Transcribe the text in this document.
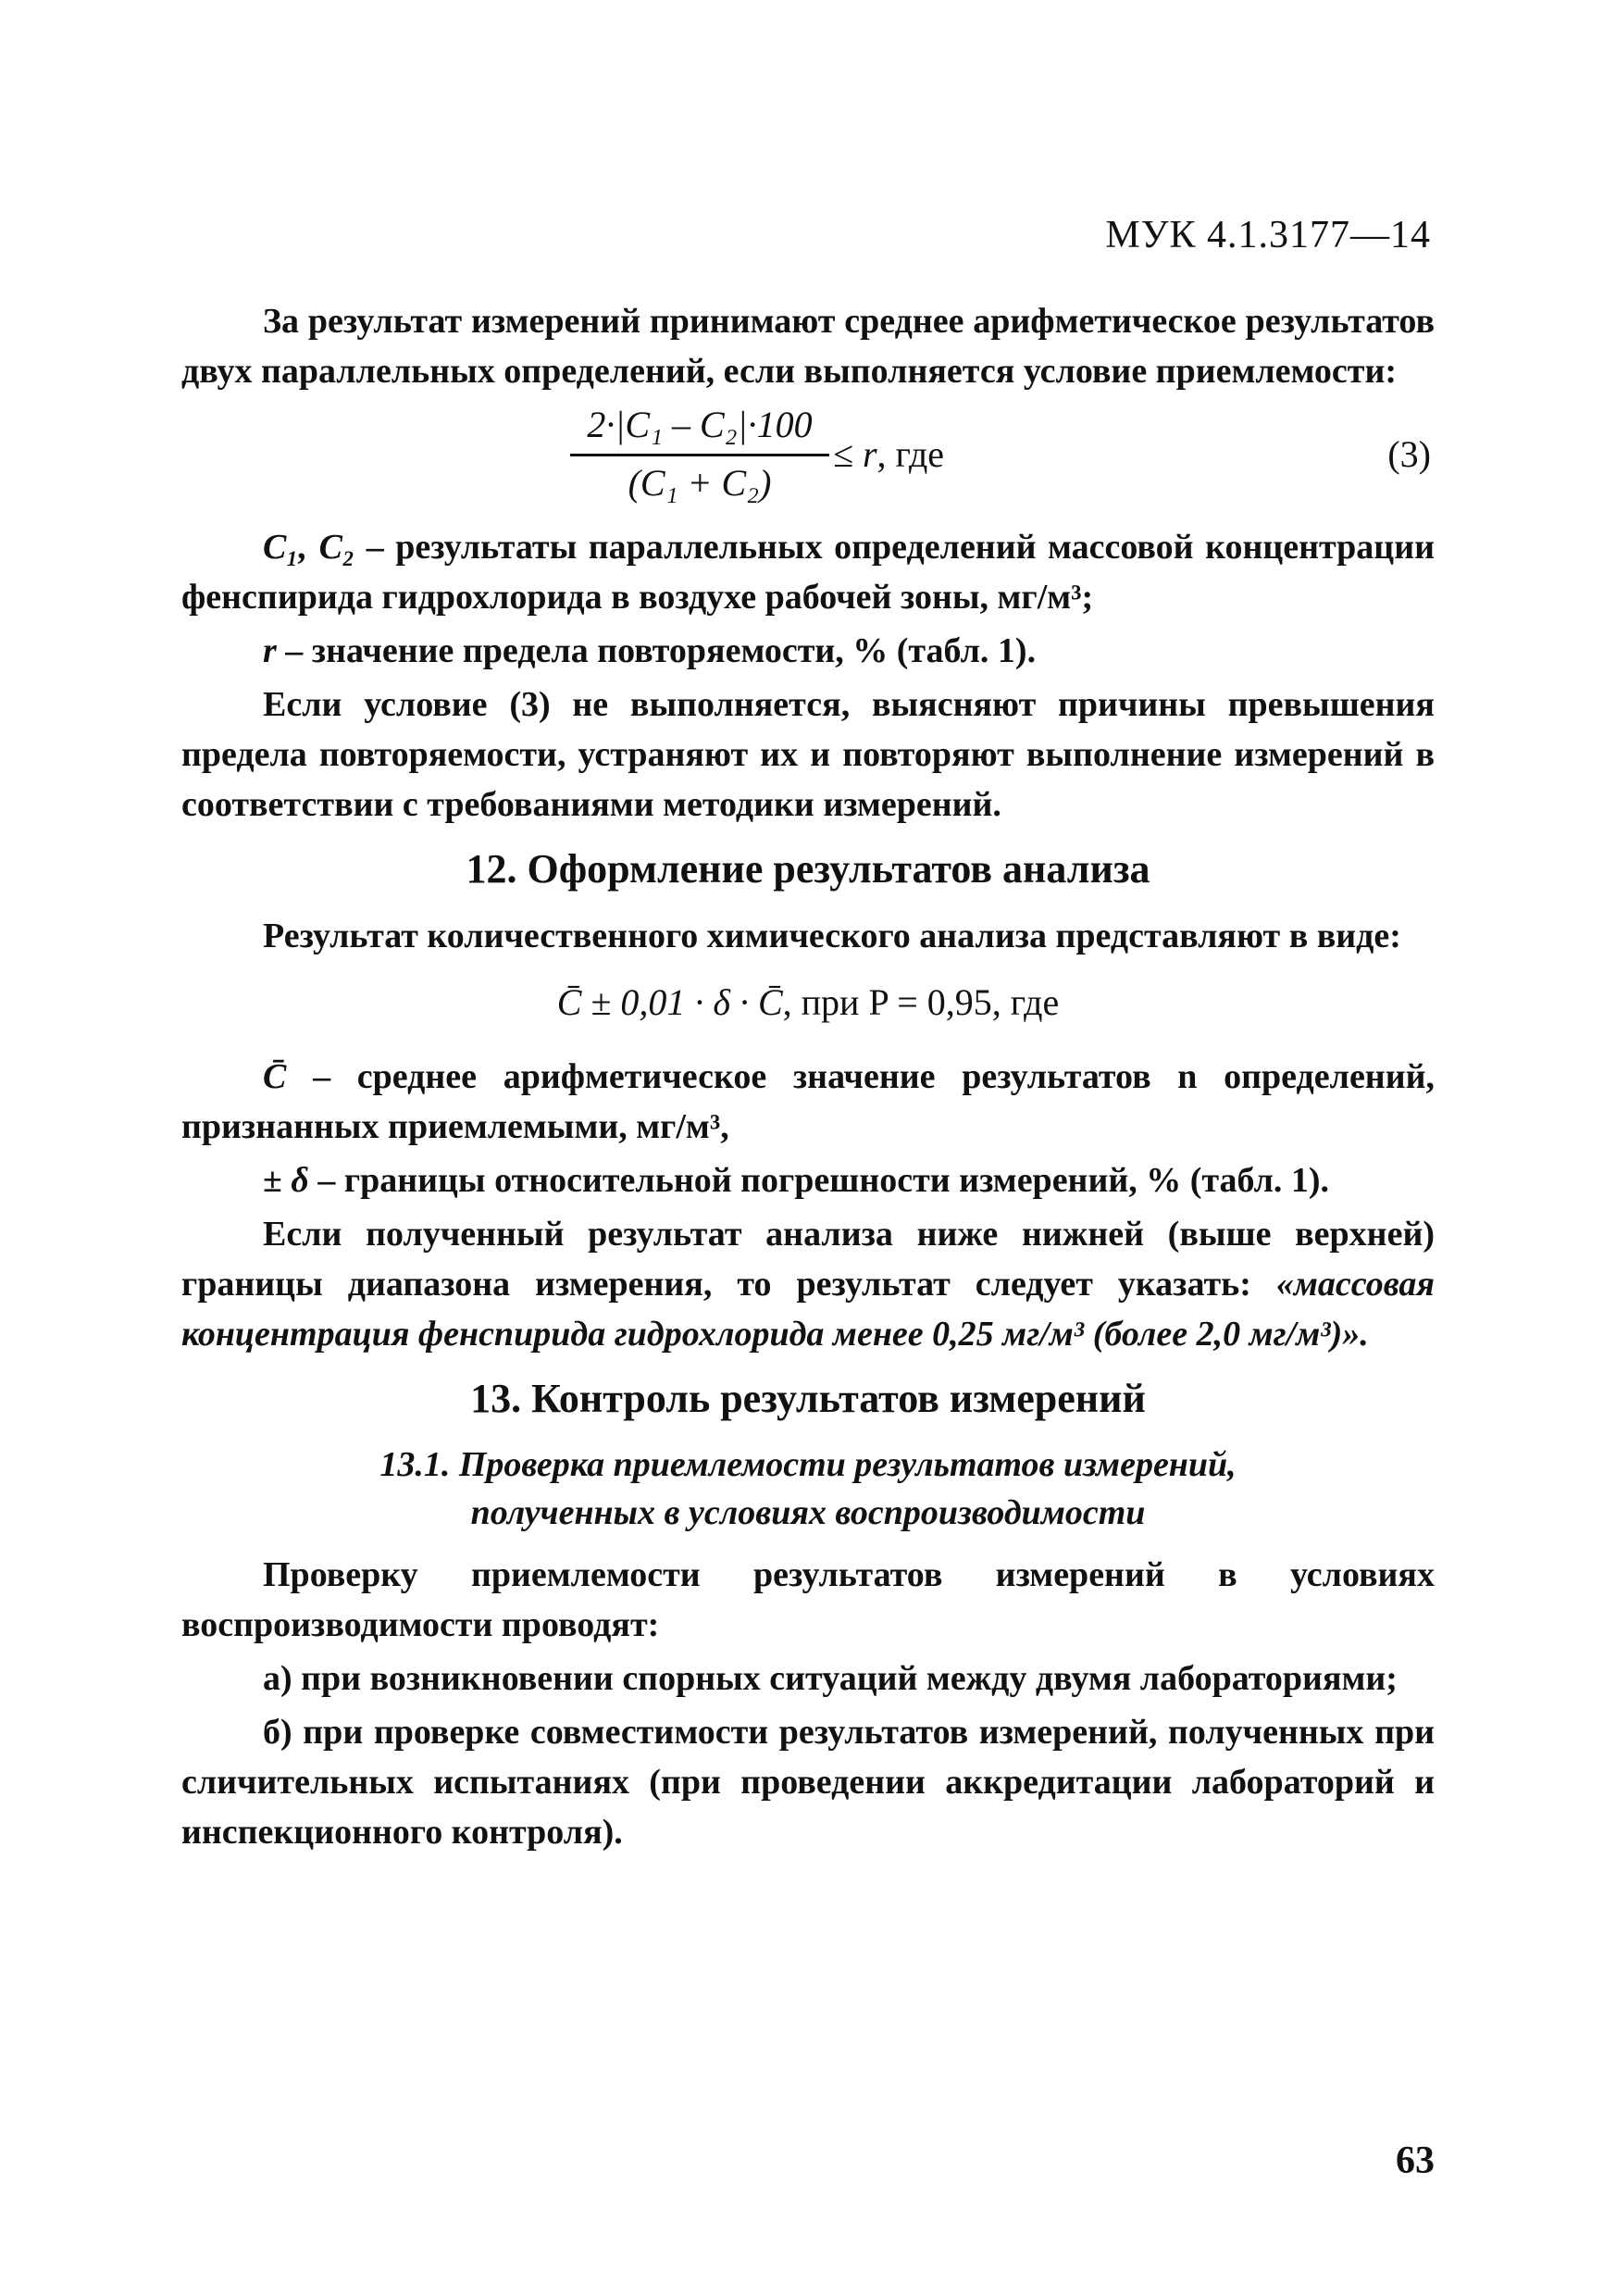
МУК 4.1.3177—14

За результат измерений принимают среднее арифметическое результатов двух параллельных определений, если выполняется условие приемлемости:

$\frac{\text{2·|C₁ – C₂|·100}}{\text{(C₁ + C₂)}} \le r$, где	(3)

C₁, C₂ – результаты параллельных определений массовой концентрации фенспирида гидрохлорида в воздухе рабочей зоны, мг/м³;

r – значение предела повторяемости, % (табл. 1).

Если условие (3) не выполняется, выясняют причины превышения предела повторяемости, устраняют их и повторяют выполнение измерений в соответствии с требованиями методики измерений.

12. Оформление результатов анализа

Результат количественного химического анализа представляют в виде:

C̄ ± 0,01 · δ · C̄, при P = 0,95, где

C̄ – среднее арифметическое значение результатов n определений, признанных приемлемыми, мг/м³,

± δ – границы относительной погрешности измерений, % (табл. 1).

Если полученный результат анализа ниже нижней (выше верхней) границы диапазона измерения, то результат следует указать: «массовая концентрация фенспирида гидрохлорида менее 0,25 мг/м³ (более 2,0 мг/м³)».

13. Контроль результатов измерений
13.1. Проверка приемлемости результатов измерений,
полученных в условиях воспроизводимости

Проверку приемлемости результатов измерений в условиях воспроизводимости проводят:

а) при возникновении спорных ситуаций между двумя лабораториями;

б) при проверке совместимости результатов измерений, полученных при сличительных испытаниях (при проведении аккредитации лабораторий и инспекционного контроля).

63
